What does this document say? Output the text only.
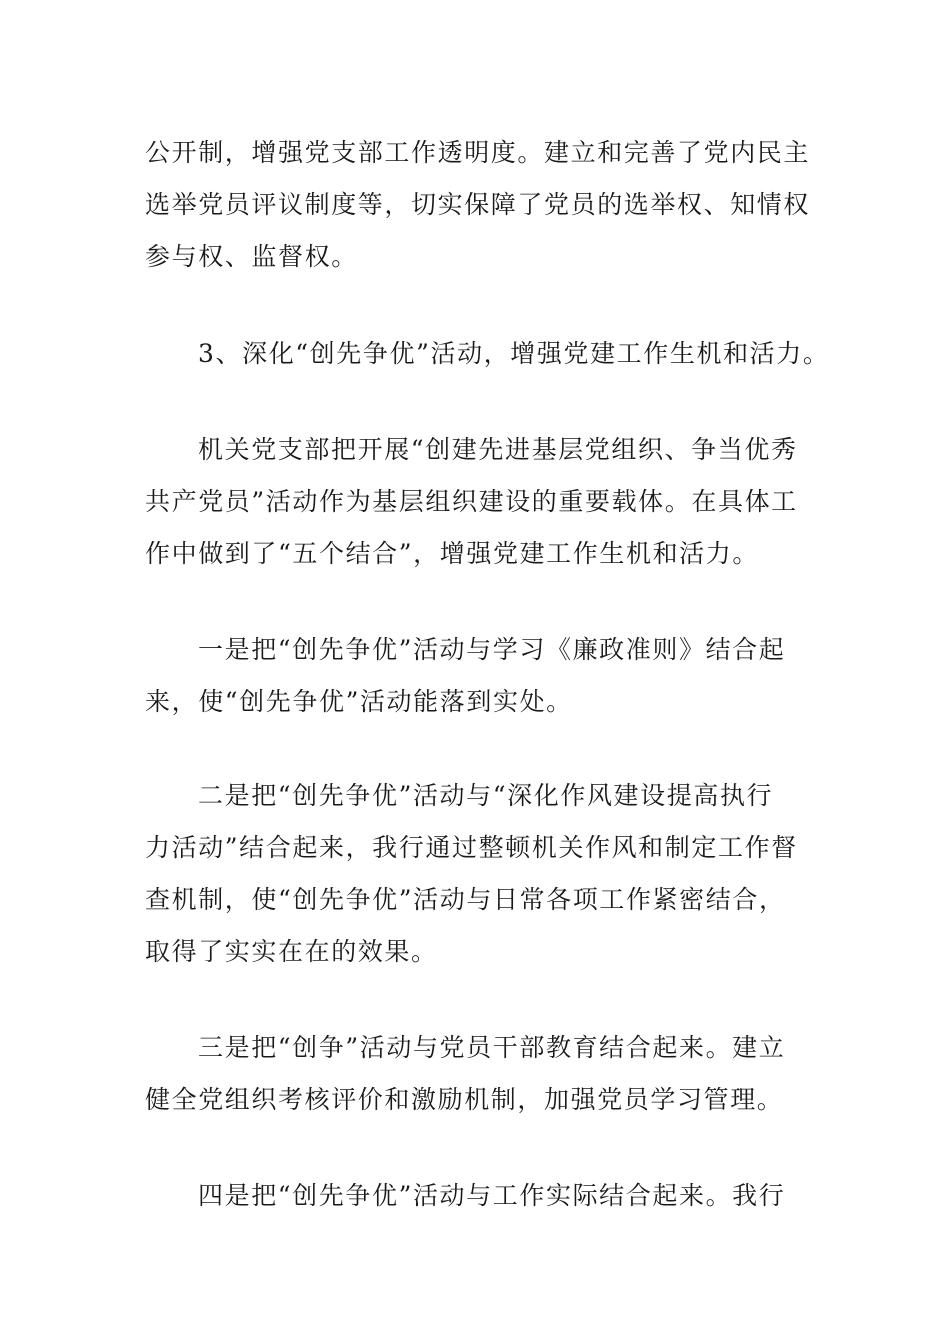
公开制，增强党支部工作透明度。建立和完善了党内民主
选举党员评议制度等，切实保障了党员的选举权、知情权
参与权、监督权。

3、深化“创先争优”活动，增强党建工作生机和活力。

机关党支部把开展“创建先进基层党组织、争当优秀
共产党员”活动作为基层组织建设的重要载体。在具体工
作中做到了“五个结合”，增强党建工作生机和活力。

一是把“创先争优”活动与学习《廉政准则》结合起
来，使“创先争优”活动能落到实处。

二是把“创先争优”活动与“深化作风建设提高执行
力活动”结合起来，我行通过整顿机关作风和制定工作督
查机制，使“创先争优”活动与日常各项工作紧密结合，
取得了实实在在的效果。

三是把“创争”活动与党员干部教育结合起来。建立
健全党组织考核评价和激励机制，加强党员学习管理。

四是把“创先争优”活动与工作实际结合起来。我行
